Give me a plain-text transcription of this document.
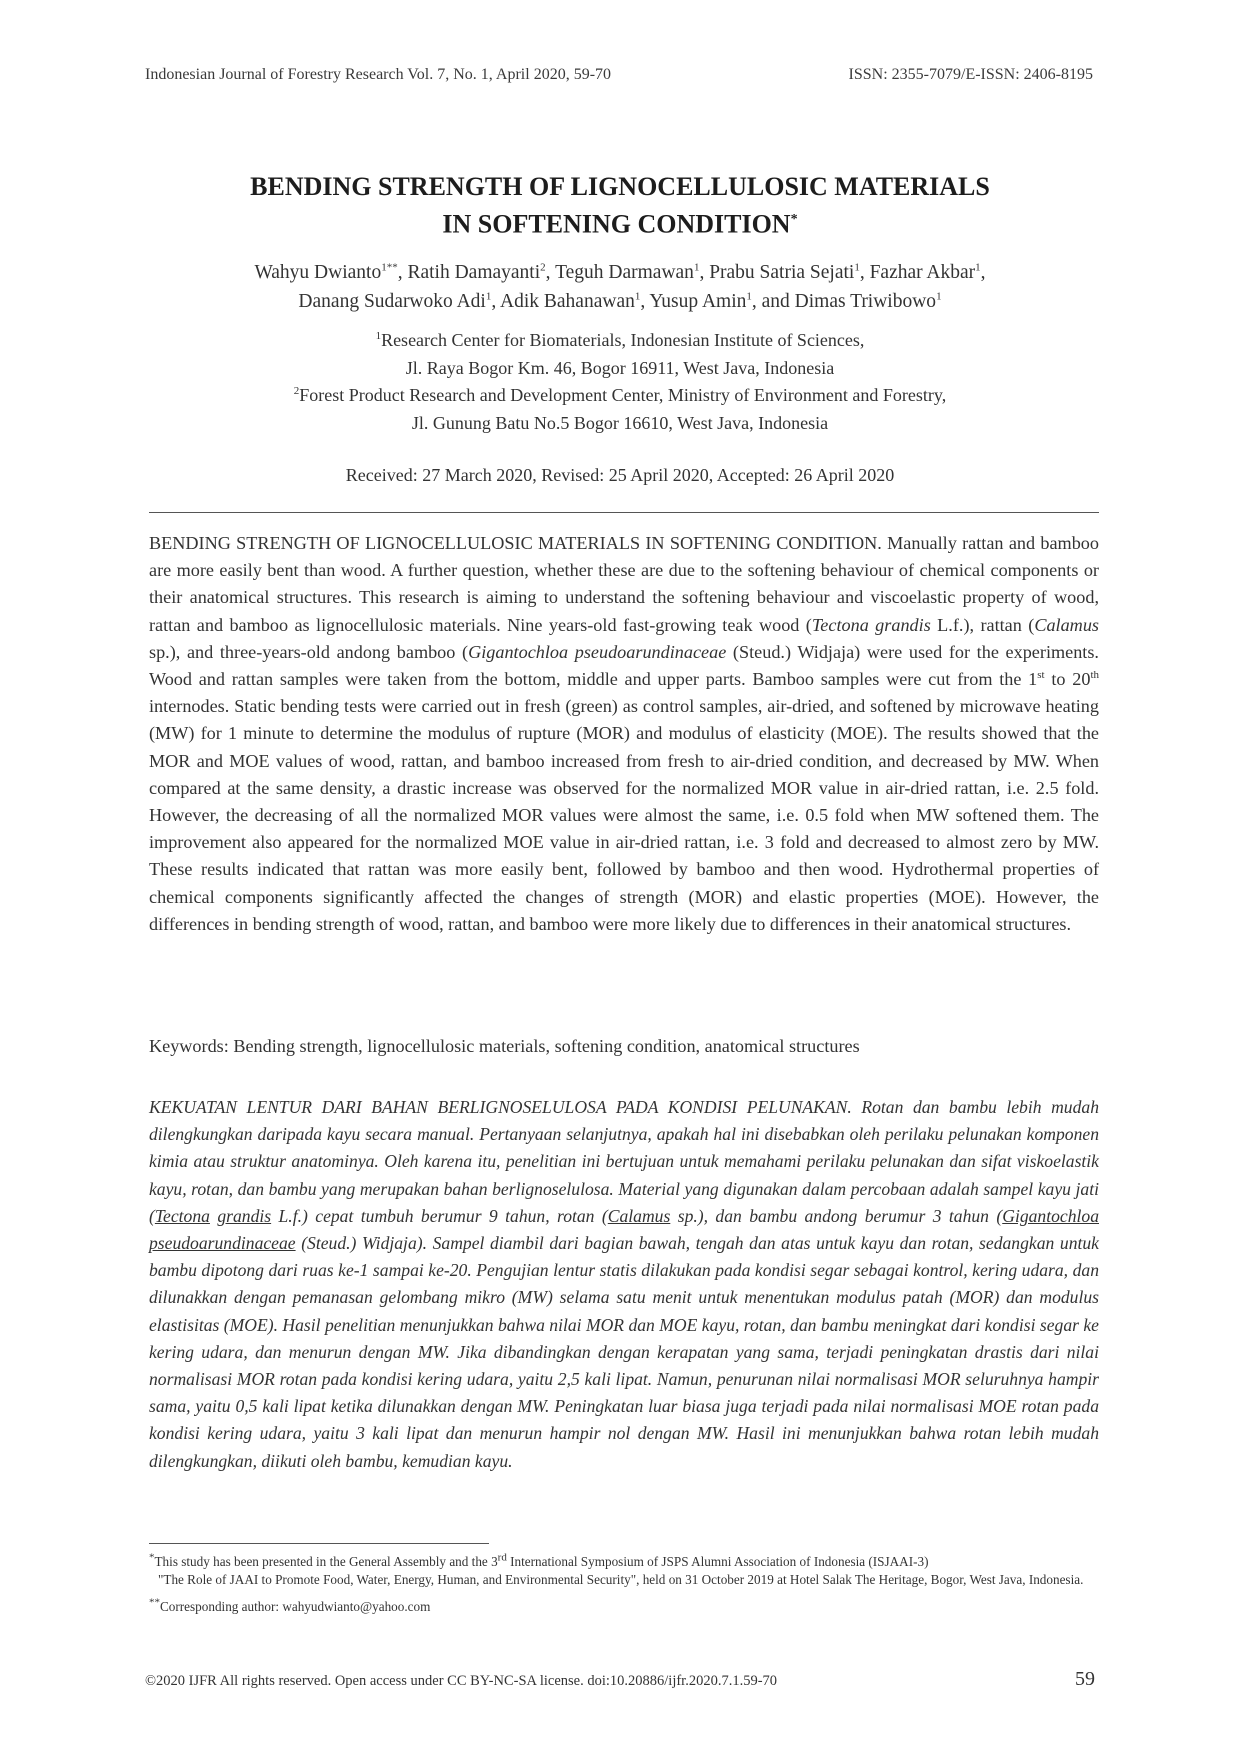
Indonesian Journal of Forestry Research Vol. 7, No. 1, April 2020, 59-70	ISSN: 2355-7079/E-ISSN: 2406-8195
BENDING STRENGTH OF LIGNOCELLULOSIC MATERIALS
IN SOFTENING CONDITION*
Wahyu Dwianto$^{1**}$, Ratih Damayanti$^2$, Teguh Darmawan$^1$, Prabu Satria Sejati$^1$, Fazhar Akbar$^1$,
Danang Sudarwoko Adi$^1$, Adik Bahanawan$^1$, Yusup Amin$^1$, and Dimas Triwibowo$^1$
$^1$Research Center for Biomaterials, Indonesian Institute of Sciences,
Jl. Raya Bogor Km. 46, Bogor 16911, West Java, Indonesia
$^2$Forest Product Research and Development Center, Ministry of Environment and Forestry,
Jl. Gunung Batu No.5 Bogor 16610, West Java, Indonesia
Received: 27 March 2020, Revised: 25 April 2020, Accepted: 26 April 2020
BENDING STRENGTH OF LIGNOCELLULOSIC MATERIALS IN SOFTENING CONDITION. Manually rattan and bamboo are more easily bent than wood. A further question, whether these are due to the softening behaviour of chemical components or their anatomical structures. This research is aiming to understand the softening behaviour and viscoelastic property of wood, rattan and bamboo as lignocellulosic materials. Nine years-old fast-growing teak wood (Tectona grandis L.f.), rattan (Calamus sp.), and three-years-old andong bamboo (Gigantochloa pseudoarundinaceae (Steud.) Widjaja) were used for the experiments. Wood and rattan samples were taken from the bottom, middle and upper parts. Bamboo samples were cut from the 1st to 20th internodes. Static bending tests were carried out in fresh (green) as control samples, air-dried, and softened by microwave heating (MW) for 1 minute to determine the modulus of rupture (MOR) and modulus of elasticity (MOE). The results showed that the MOR and MOE values of wood, rattan, and bamboo increased from fresh to air-dried condition, and decreased by MW. When compared at the same density, a drastic increase was observed for the normalized MOR value in air-dried rattan, i.e. 2.5 fold. However, the decreasing of all the normalized MOR values were almost the same, i.e. 0.5 fold when MW softened them. The improvement also appeared for the normalized MOE value in air-dried rattan, i.e. 3 fold and decreased to almost zero by MW. These results indicated that rattan was more easily bent, followed by bamboo and then wood. Hydrothermal properties of chemical components significantly affected the changes of strength (MOR) and elastic properties (MOE). However, the differences in bending strength of wood, rattan, and bamboo were more likely due to differences in their anatomical structures.
Keywords: Bending strength, lignocellulosic materials, softening condition, anatomical structures
KEKUATAN LENTUR DARI BAHAN BERLIGNOSELULOSA PADA KONDISI PELUNAKAN. Rotan dan bambu lebih mudah dilengkungkan daripada kayu secara manual. Pertanyaan selanjutnya, apakah hal ini disebabkan oleh perilaku pelunakan komponen kimia atau struktur anatominya. Oleh karena itu, penelitian ini bertujuan untuk memahami perilaku pelunakan dan sifat viskoelastik kayu, rotan, dan bambu yang merupakan bahan berlignoselulosa. Material yang digunakan dalam percobaan adalah sampel kayu jati (Tectona grandis L.f.) cepat tumbuh berumur 9 tahun, rotan (Calamus sp.), dan bambu andong berumur 3 tahun (Gigantochloa pseudoarundinaceae (Steud.) Widjaja). Sampel diambil dari bagian bawah, tengah dan atas untuk kayu dan rotan, sedangkan untuk bambu dipotong dari ruas ke-1 sampai ke-20. Pengujian lentur statis dilakukan pada kondisi segar sebagai kontrol, kering udara, dan dilunakkan dengan pemanasan gelombang mikro (MW) selama satu menit untuk menentukan modulus patah (MOR) dan modulus elastisitas (MOE). Hasil penelitian menunjukkan bahwa nilai MOR dan MOE kayu, rotan, dan bambu meningkat dari kondisi segar ke kering udara, dan menurun dengan MW. Jika dibandingkan dengan kerapatan yang sama, terjadi peningkatan drastis dari nilai normalisasi MOR rotan pada kondisi kering udara, yaitu 2,5 kali lipat. Namun, penurunan nilai normalisasi MOR seluruhnya hampir sama, yaitu 0,5 kali lipat ketika dilunakkan dengan MW. Peningkatan luar biasa juga terjadi pada nilai normalisasi MOE rotan pada kondisi kering udara, yaitu 3 kali lipat dan menurun hampir nol dengan MW. Hasil ini menunjukkan bahwa rotan lebih mudah dilengkungkan, diikuti oleh bambu, kemudian kayu.
*This study has been presented in the General Assembly and the 3rd International Symposium of JSPS Alumni Association of Indonesia (ISJAAI-3)
"The Role of JAAI to Promote Food, Water, Energy, Human, and Environmental Security", held on 31 October 2019 at Hotel Salak The Heritage, Bogor, West Java, Indonesia.
**Corresponding author: wahyudwianto@yahoo.com
©2020 IJFR All rights reserved. Open access under CC BY-NC-SA license. doi:10.20886/ijfr.2020.7.1.59-70	59
